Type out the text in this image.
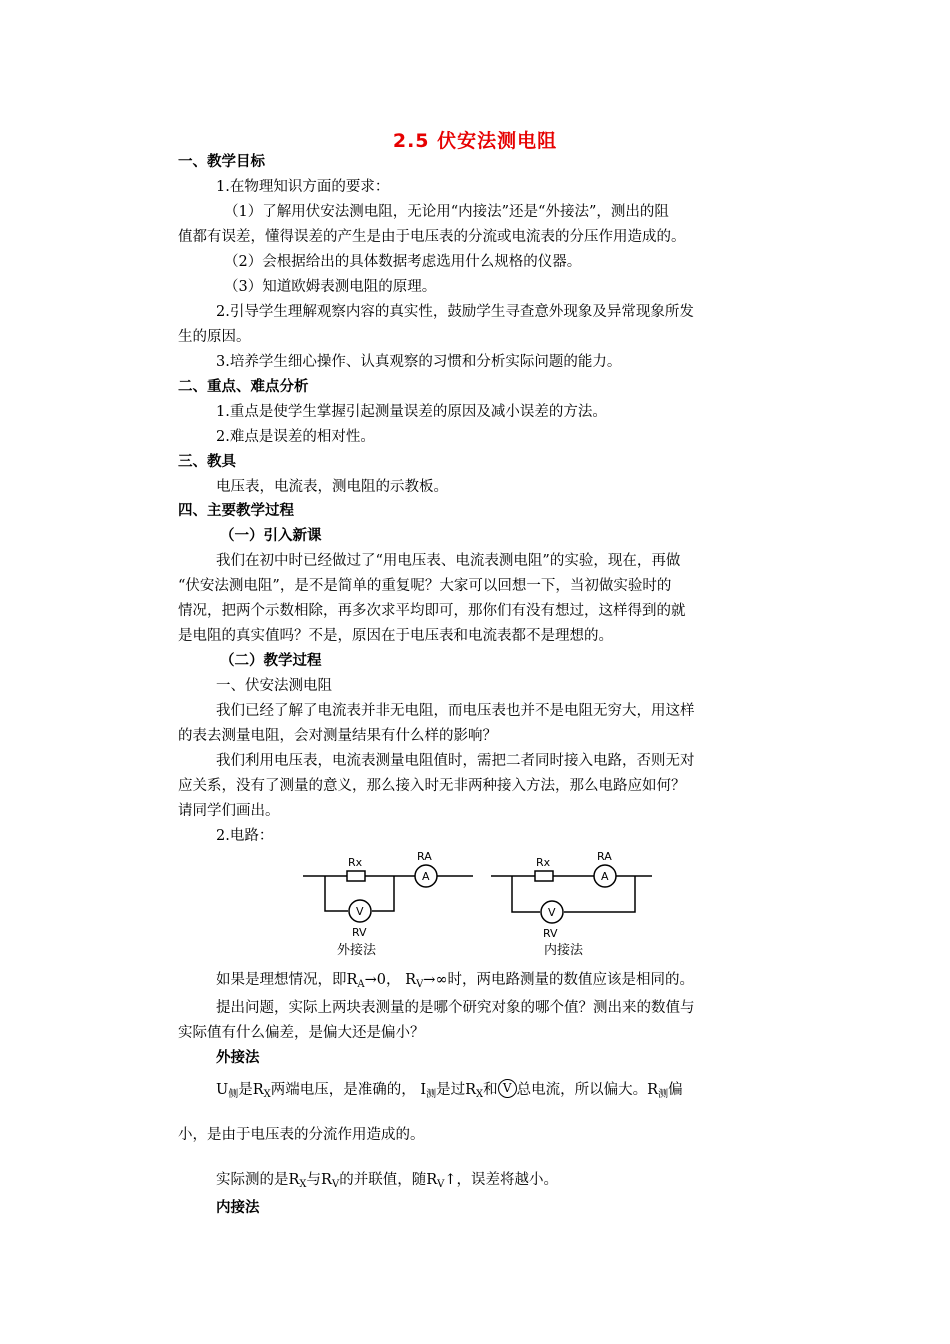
2.5 伏安法测电阻
一、教学目标
1.在物理知识方面的要求：
（1）了解用伏安法测电阻，无论用“内接法”还是“外接法”，测出的阻
值都有误差，懂得误差的产生是由于电压表的分流或电流表的分压作用造成的。
（2）会根据给出的具体数据考虑选用什么规格的仪器。
（3）知道欧姆表测电阻的原理。
2.引导学生理解观察内容的真实性，鼓励学生寻查意外现象及异常现象所发
生的原因。
3.培养学生细心操作、认真观察的习惯和分析实际问题的能力。
二、重点、难点分析
1.重点是使学生掌握引起测量误差的原因及减小误差的方法。
2.难点是误差的相对性。
三、教具
电压表，电流表，测电阻的示教板。
四、主要教学过程
（一）引入新课
我们在初中时已经做过了“用电压表、电流表测电阻”的实验，现在，再做
“伏安法测电阻”，是不是简单的重复呢？大家可以回想一下，当初做实验时的
情况，把两个示数相除，再多次求平均即可，那你们有没有想过，这样得到的就
是电阻的真实值吗？不是，原因在于电压表和电流表都不是理想的。
（二）教学过程
一、伏安法测电阻
我们已经了解了电流表并非无电阻，而电压表也并不是电阻无穷大，用这样
的表去测量电阻，会对测量结果有什么样的影响？
我们利用电压表，电流表测量电阻值时，需把二者同时接入电路，否则无对
应关系，没有了测量的意义，那么接入时无非两种接入方法，那么电路应如何？
请同学们画出。
2.电路：
Rx	RA
A
V
RV
外接法
Rx	RA
A
V
RV
内接法
如果是理想情况，即$R_A\to 0$， $R_V\to\infty$时，两电路测量的数值应该是相同的。
提出问题，实际上两块表测量的是哪个研究对象的哪个值？测出来的数值与
实际值有什么偏差，是偏大还是偏小？
外接法
$U_侧$是$R_X$两端电压，是准确的， $I_测$是过$R_X$和 V 总电流，所以偏大。$R_测$偏
小，是由于电压表的分流作用造成的。
实际测的是$R_X$与$R_V$的并联值，随$R_V↑$，误差将越小。
内接法
